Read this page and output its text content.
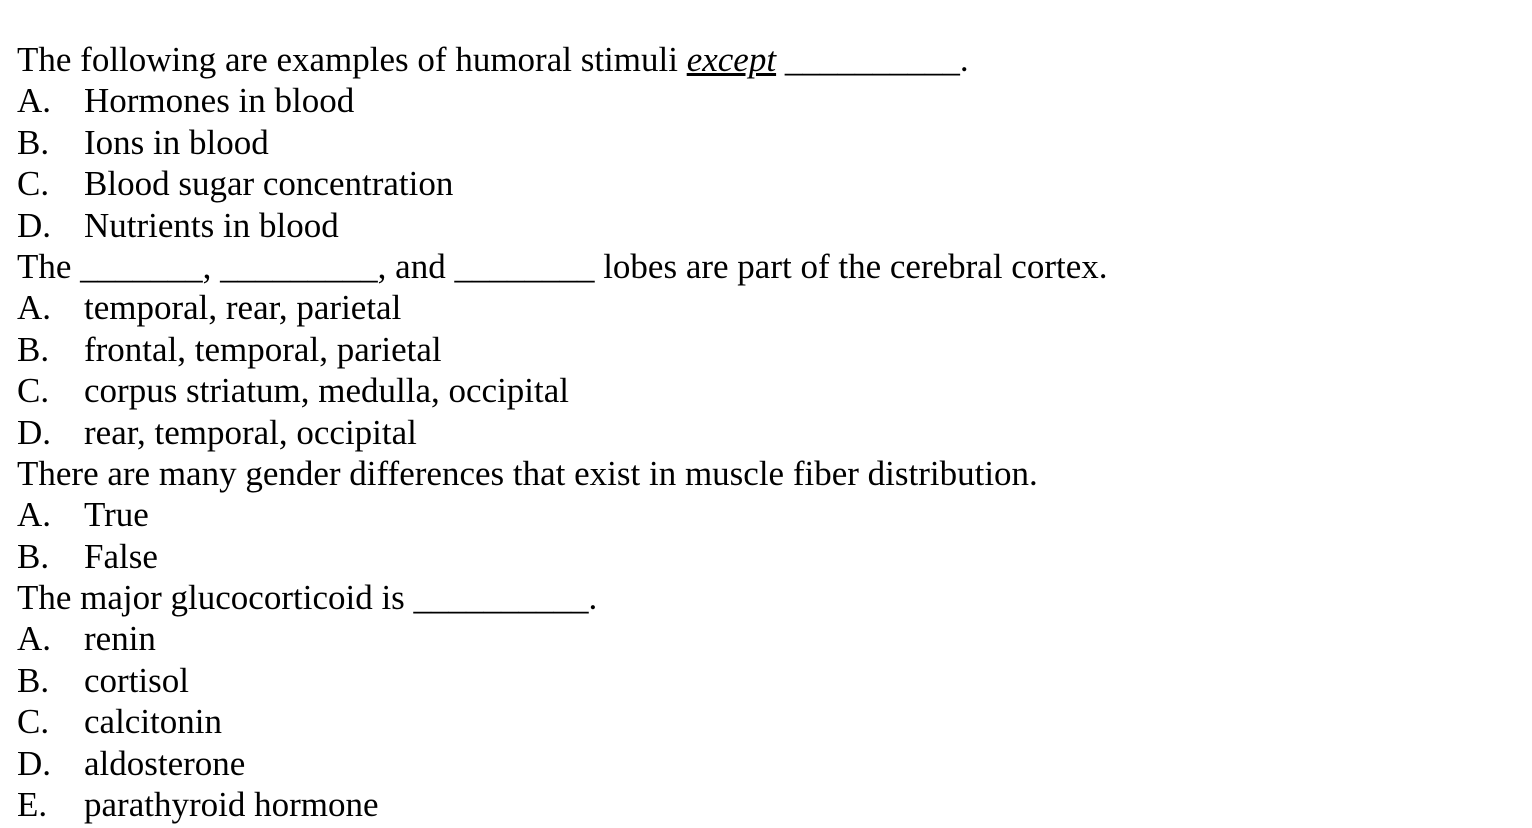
The following are examples of humoral stimuli except __________.
A. Hormones in blood
B. Ions in blood
C. Blood sugar concentration
D. Nutrients in blood
The _______, _________, and ________ lobes are part of the cerebral cortex.
A. temporal, rear, parietal
B. frontal, temporal, parietal
C. corpus striatum, medulla, occipital
D. rear, temporal, occipital
There are many gender differences that exist in muscle fiber distribution.
A. True
B. False
The major glucocorticoid is __________.
A. renin
B. cortisol
C. calcitonin
D. aldosterone
E. parathyroid hormone
